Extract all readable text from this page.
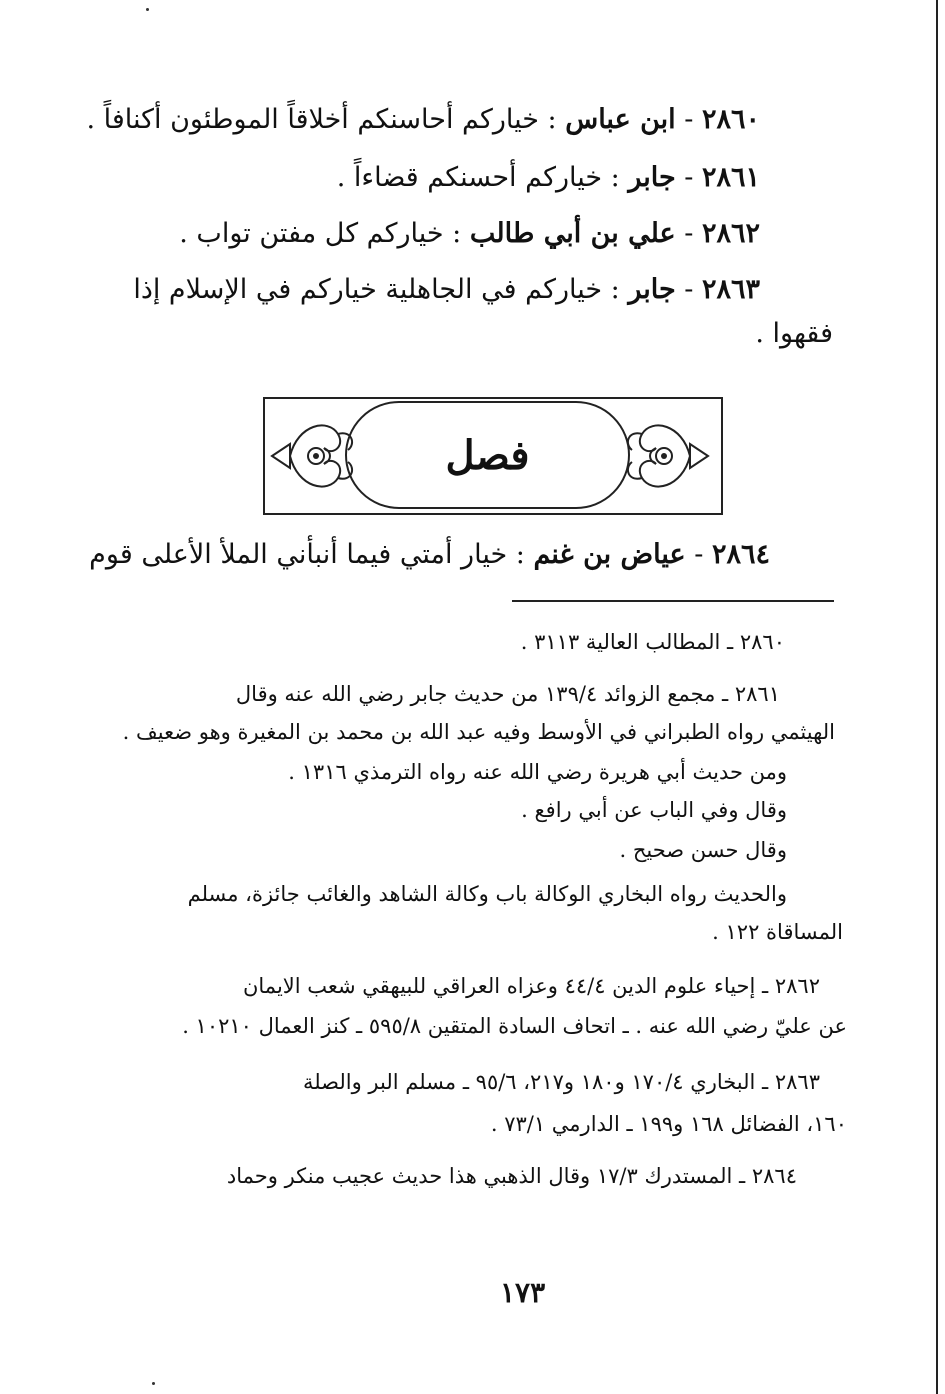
٢٨٦٠ - ابن عباس : خياركم أحاسنكم أخلاقاً الموطئون أكنافاً .
٢٨٦١ - جابر : خياركم أحسنكم قضاءاً .
٢٨٦٢ - علي بن أبي طالب : خياركم كل مفتن تواب .
٢٨٦٣ - جابر : خياركم في الجاهلية خياركم في الإسلام إذا
فقهوا .
فصل
٢٨٦٤ - عياض بن غنم : خيار أمتي فيما أنبأني الملأ الأعلى قوم
٢٨٦٠ ـ المطالب العالية ٣١١٣ .
٢٨٦١ ـ مجمع الزوائد ١٣٩/٤ من حديث جابر رضي الله عنه وقال
الهيثمي رواه الطبراني في الأوسط وفيه عبد الله بن محمد بن المغيرة وهو ضعيف .
ومن حديث أبي هريرة رضي الله عنه رواه الترمذي ١٣١٦ .
وقال وفي الباب عن أبي رافع .
وقال حسن صحيح .
والحديث رواه البخاري الوكالة باب وكالة الشاهد والغائب جائزة، مسلم
المساقاة ١٢٢ .
٢٨٦٢ ـ إحياء علوم الدين ٤٤/٤ وعزاه العراقي للبيهقي شعب الايمان
عن عليّ رضي الله عنه . ـ اتحاف السادة المتقين ٥٩٥/٨ ـ كنز العمال ١٠٢١٠ .
٢٨٦٣ ـ البخاري ١٧٠/٤ و١٨٠ و٢١٧، ٩٥/٦ ـ مسلم البر والصلة
١٦٠، الفضائل ١٦٨ و١٩٩ ـ الدارمي ٧٣/١ .
٢٨٦٤ ـ المستدرك ١٧/٣ وقال الذهبي هذا حديث عجيب منكر وحماد
١٧٣
